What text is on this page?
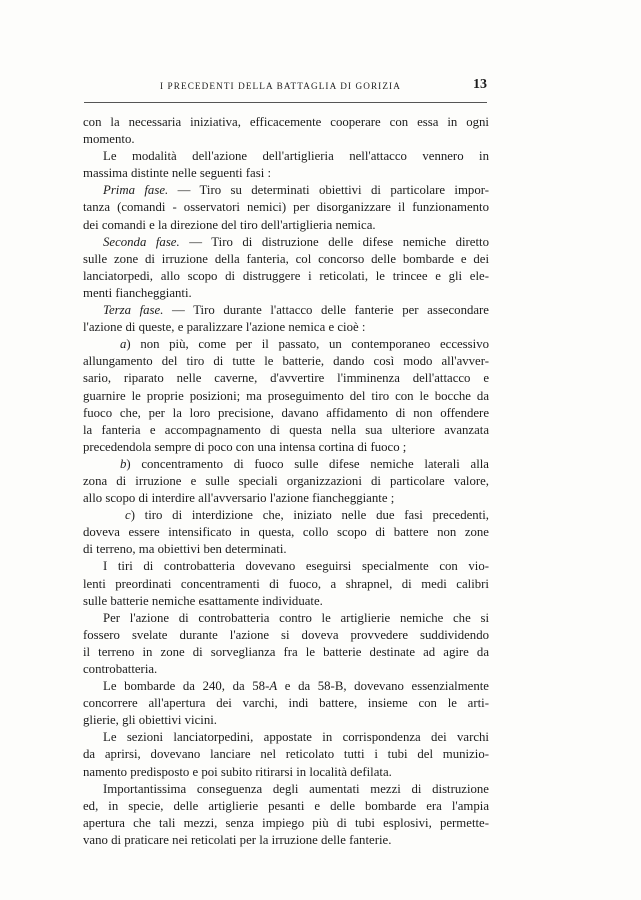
I PRECEDENTI DELLA BATTAGLIA DI GORIZIA	13
con la necessaria iniziativa, efficacemente cooperare con essa in ogni
momento.
Le modalità dell'azione dell'artiglieria nell'attacco vennero in
massima distinte nelle seguenti fasi :
Prima fase. — Tiro su determinati obiettivi di particolare impor-
tanza (comandi - osservatori nemici) per disorganizzare il funzionamento
dei comandi e la direzione del tiro dell'artiglieria nemica.
Seconda fase. — Tiro di distruzione delle difese nemiche diretto
sulle zone di irruzione della fanteria, col concorso delle bombarde e dei
lanciatorpedi, allo scopo di distruggere i reticolati, le trincee e gli ele-
menti fiancheggianti.
Terza fase. — Tiro durante l'attacco delle fanterie per assecondare
l'azione di queste, e paralizzare l'azione nemica e cioè :
a) non più, come per il passato, un contemporaneo eccessivo
allungamento del tiro di tutte le batterie, dando così modo all'avver-
sario, riparato nelle caverne, d'avvertire l'imminenza dell'attacco e
guarnire le proprie posizioni; ma proseguimento del tiro con le bocche da
fuoco che, per la loro precisione, davano affidamento di non offendere
la fanteria e accompagnamento di questa nella sua ulteriore avanzata
precedendola sempre di poco con una intensa cortina di fuoco ;
b) concentramento di fuoco sulle difese nemiche laterali alla
zona di irruzione e sulle speciali organizzazioni di particolare valore,
allo scopo di interdire all'avversario l'azione fiancheggiante ;
c) tiro di interdizione che, iniziato nelle due fasi precedenti,
doveva essere intensificato in questa, collo scopo di battere non zone
di terreno, ma obiettivi ben determinati.
I tiri di controbatteria dovevano eseguirsi specialmente con vio-
lenti preordinati concentramenti di fuoco, a shrapnel, di medi calibri
sulle batterie nemiche esattamente individuate.
Per l'azione di controbatteria contro le artiglierie nemiche che si
fossero svelate durante l'azione si doveva provvedere suddividendo
il terreno in zone di sorveglianza fra le batterie destinate ad agire da
controbatteria.
Le bombarde da 240, da 58-A e da 58-B, dovevano essenzialmente
concorrere all'apertura dei varchi, indi battere, insieme con le arti-
glierie, gli obiettivi vicini.
Le sezioni lanciatorpedini, appostate in corrispondenza dei varchi
da aprirsi, dovevano lanciare nel reticolato tutti i tubi del munizio-
namento predisposto e poi subito ritirarsi in località defilata.
Importantissima conseguenza degli aumentati mezzi di distruzione
ed, in specie, delle artiglierie pesanti e delle bombarde era l'ampia
apertura che tali mezzi, senza impiego più di tubi esplosivi, permette-
vano di praticare nei reticolati per la irruzione delle fanterie.
